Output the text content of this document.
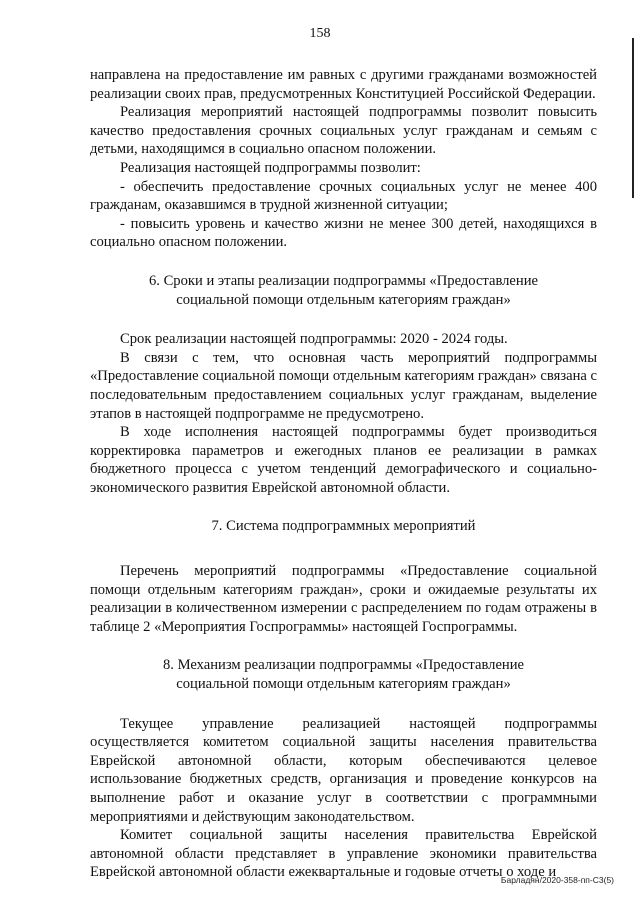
158

направлена на предоставление им равных с другими гражданами возможностей реализации своих прав, предусмотренных Конституцией Российской Федерации.

Реализация мероприятий настоящей подпрограммы позволит повысить качество предоставления срочных социальных услуг гражданам и семьям с детьми, находящимся в социально опасном положении.

Реализация настоящей подпрограммы позволит:

- обеспечить предоставление срочных социальных услуг не менее 400 гражданам, оказавшимся в трудной жизненной ситуации;

- повысить уровень и качество жизни не менее 300 детей, находящихся в социально опасном положении.

6. Сроки и этапы реализации подпрограммы «Предоставление
социальной помощи отдельным категориям граждан»

Срок реализации настоящей подпрограммы: 2020 - 2024 годы.

В связи с тем, что основная часть мероприятий подпрограммы «Предоставление социальной помощи отдельным категориям граждан» связана с последовательным предоставлением социальных услуг гражданам, выделение этапов в настоящей подпрограмме не предусмотрено.

В ходе исполнения настоящей подпрограммы будет производиться корректировка параметров и ежегодных планов ее реализации в рамках бюджетного процесса с учетом тенденций демографического и социально-экономического развития Еврейской автономной области.

7. Система подпрограммных мероприятий

Перечень мероприятий подпрограммы «Предоставление социальной помощи отдельным категориям граждан», сроки и ожидаемые результаты их реализации в количественном измерении с распределением по годам отражены в таблице 2 «Мероприятия Госпрограммы» настоящей Госпрограммы.

8. Механизм реализации подпрограммы «Предоставление
социальной помощи отдельным категориям граждан»

Текущее управление реализацией настоящей подпрограммы осуществляется комитетом социальной защиты населения правительства Еврейской автономной области, которым обеспечиваются целевое использование бюджетных средств, организация и проведение конкурсов на выполнение работ и оказание услуг в соответствии с программными мероприятиями и действующим законодательством.

Комитет социальной защиты населения правительства Еврейской автономной области представляет в управление экономики правительства Еврейской автономной области ежеквартальные и годовые отчеты о ходе и

Барладян/2020-358-пп-С3(5)
